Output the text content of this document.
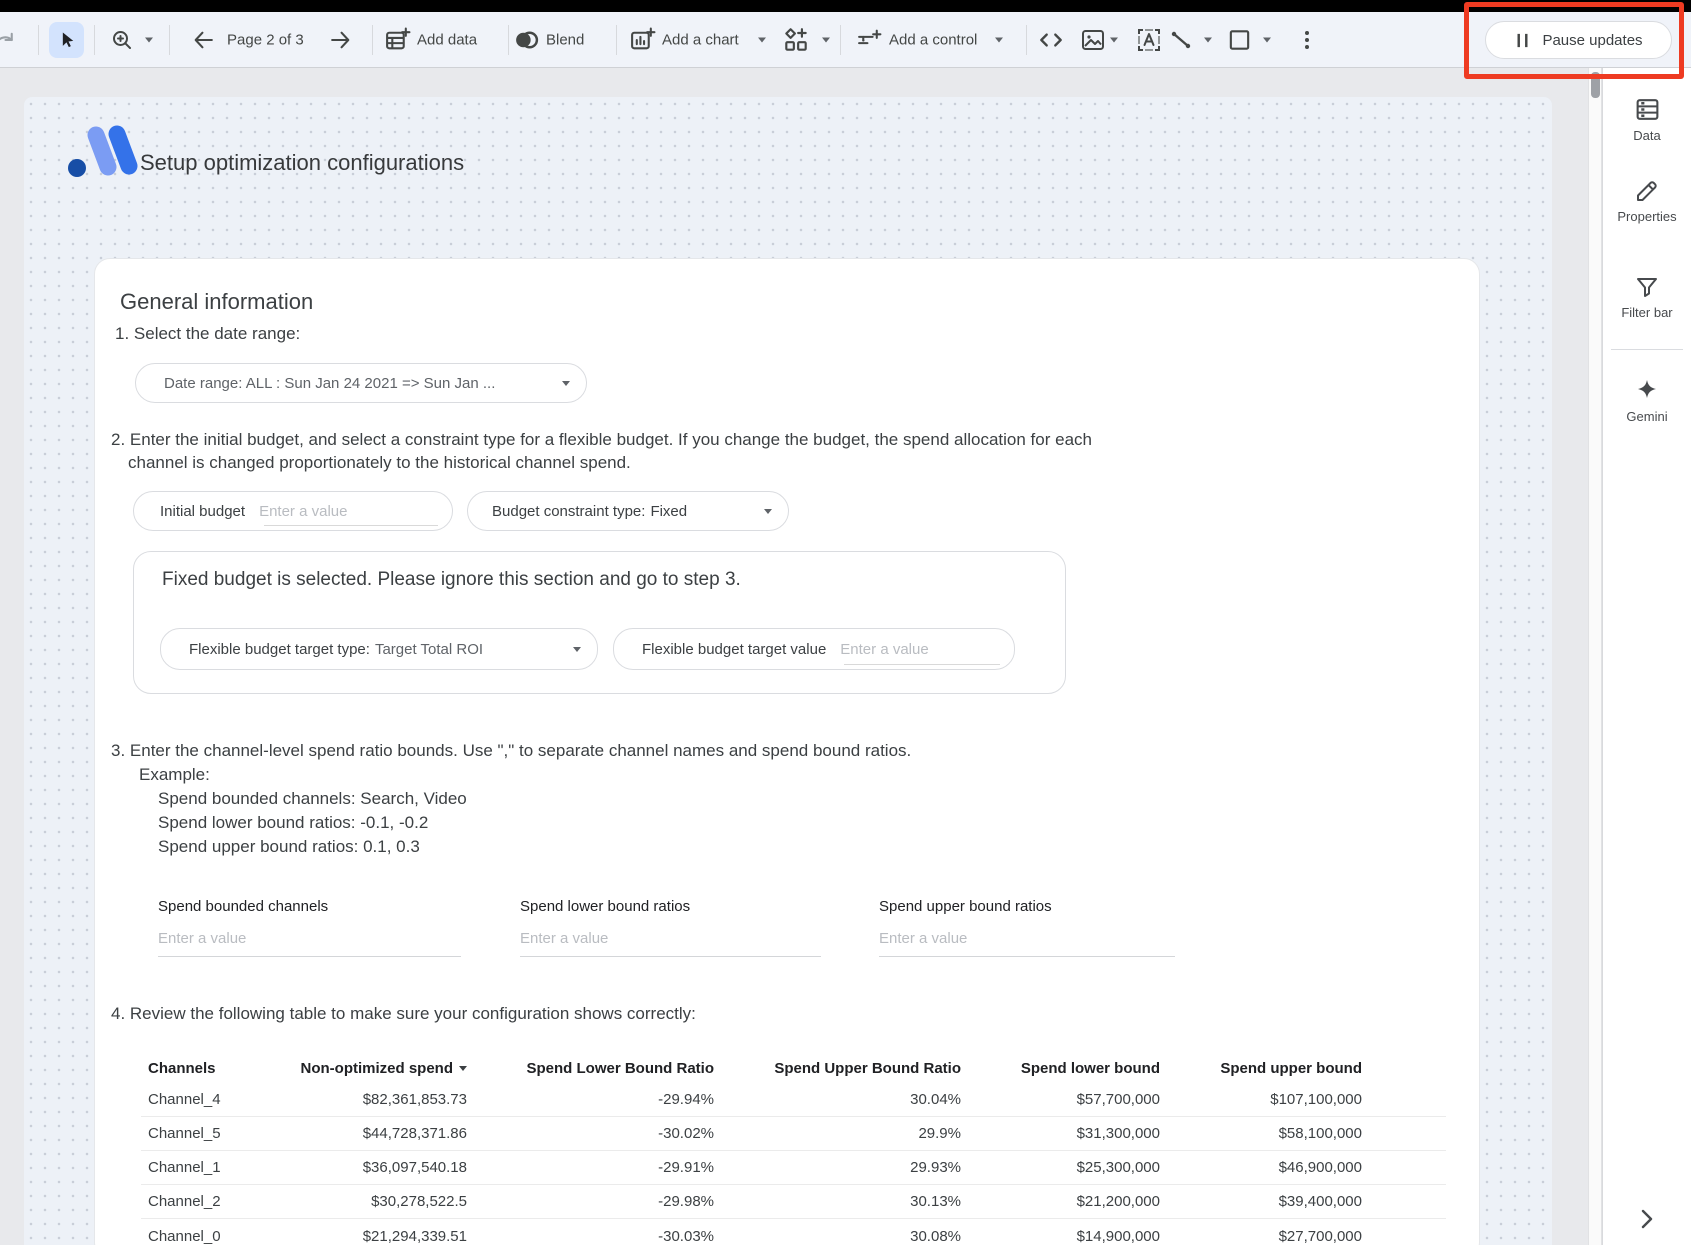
Page 2 of 3	Add data	Blend	Add a chart	Add a control	Pause updates
Setup optimization configurations
General information
1. Select the date range:
Date range: ALL : Sun Jan 24 2021 => Sun Jan ...
2. Enter the initial budget, and select a constraint type for a flexible budget. If you change the budget, the spend allocation for each
channel is changed proportionately to the historical channel spend.
Initial budget Enter a value	Budget constraint type: Fixed
Fixed budget is selected. Please ignore this section and go to step 3.
Flexible budget target type: Target Total ROI	Flexible budget target value Enter a value
3. Enter the channel-level spend ratio bounds. Use "," to separate channel names and spend bound ratios.
Example:
Spend bounded channels: Search, Video
Spend lower bound ratios: -0.1, -0.2
Spend upper bound ratios: 0.1, 0.3
Spend bounded channels	Spend lower bound ratios	Spend upper bound ratios
Enter a value	Enter a value	Enter a value
4. Review the following table to make sure your configuration shows correctly:
Channels	Non-optimized spend	Spend Lower Bound Ratio	Spend Upper Bound Ratio	Spend lower bound	Spend upper bound
Channel_4	$82,361,853.73	-29.94%	30.04%	$57,700,000	$107,100,000
Channel_5	$44,728,371.86	-30.02%	29.9%	$31,300,000	$58,100,000
Channel_1	$36,097,540.18	-29.91%	29.93%	$25,300,000	$46,900,000
Channel_2	$30,278,522.5	-29.98%	30.13%	$21,200,000	$39,400,000
Channel_0	$21,294,339.51	-30.03%	30.08%	$14,900,000	$27,700,000
Data
Properties
Filter bar
Gemini
